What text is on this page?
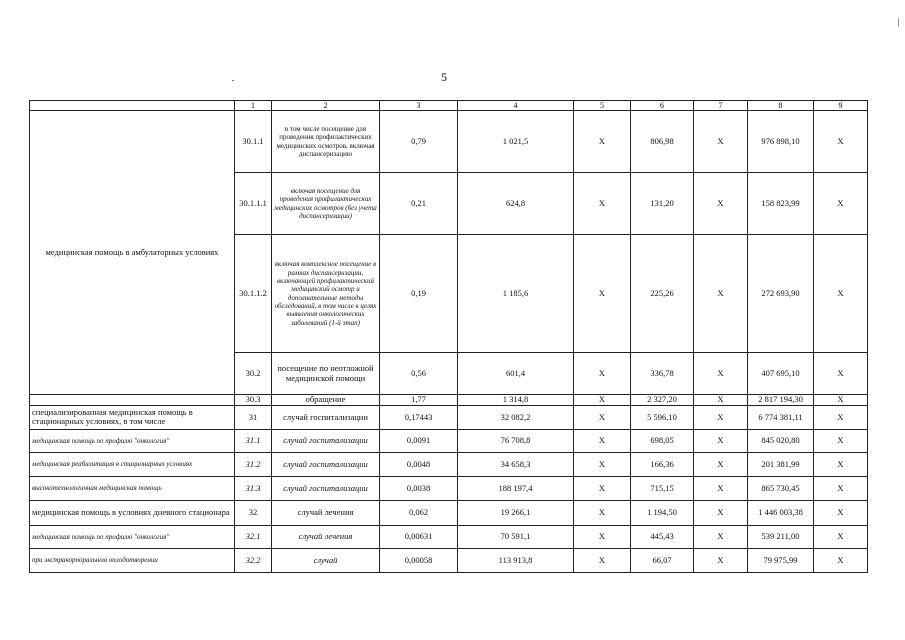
5
	1	2	3	4	5	6	7	8	9
медицинская помощь в амбулаторных условиях	30.1.1	в том числе посещение для проведения профилактических медицинских осмотров, включая диспансеризацию	0,79	1 021,5	X	806,98	X	976 898,10	X
	30.1.1.1	включая посещение для проведения профилактических медицинских осмотров (без учета диспансеризации)	0,21	624,8	X	131,20	X	158 823,99	X
	30.1.1.2	включая комплексное посещение в рамках диспансеризации, включающей профилактический медицинский осмотр и дополнительные методы обследований, в том числе в целях выявления онкологических заболеваний (1-й этап)	0,19	1 185,6	X	225,26	X	272 693,90	X
	30.2	посещение по неотложной медицинской помощи	0,56	601,4	X	336,78	X	407 695,10	X
	30.3	обращение	1,77	1 314,8	X	2 327,20	X	2 817 194,30	X
специализированная медицинская помощь в стационарных условиях, в том числе	31	случай госпитализации	0,17443	32 082,2	X	5 596,10	X	6 774 381,11	X
медицинская помощь по профилю "онкология"	31.1	случай госпитализации	0,0091	76 708,8	X	698,05	X	845 020,80	X
медицинская реабилитация в стационарных условиях	31.2	случай госпитализации	0,0048	34 658,3	X	166,36	X	201 381,99	X
высокотехнологичная медицинская помощь	31.3	случай госпитализации	0,0038	188 197,4	X	715,15	X	865 730,45	X
медицинская помощь в условиях дневного стационара	32	случай лечения	0,062	19 266,1	X	1 194,50	X	1 446 003,38	X
медицинская помощь по профилю "онкология"	32.1	случай лечения	0,00631	70 591,1	X	445,43	X	539 211,00	X
при экстракорпоральном оплодотворении	32.2	случай	0,00058	113 913,8	X	66,07	X	79 975,99	X
